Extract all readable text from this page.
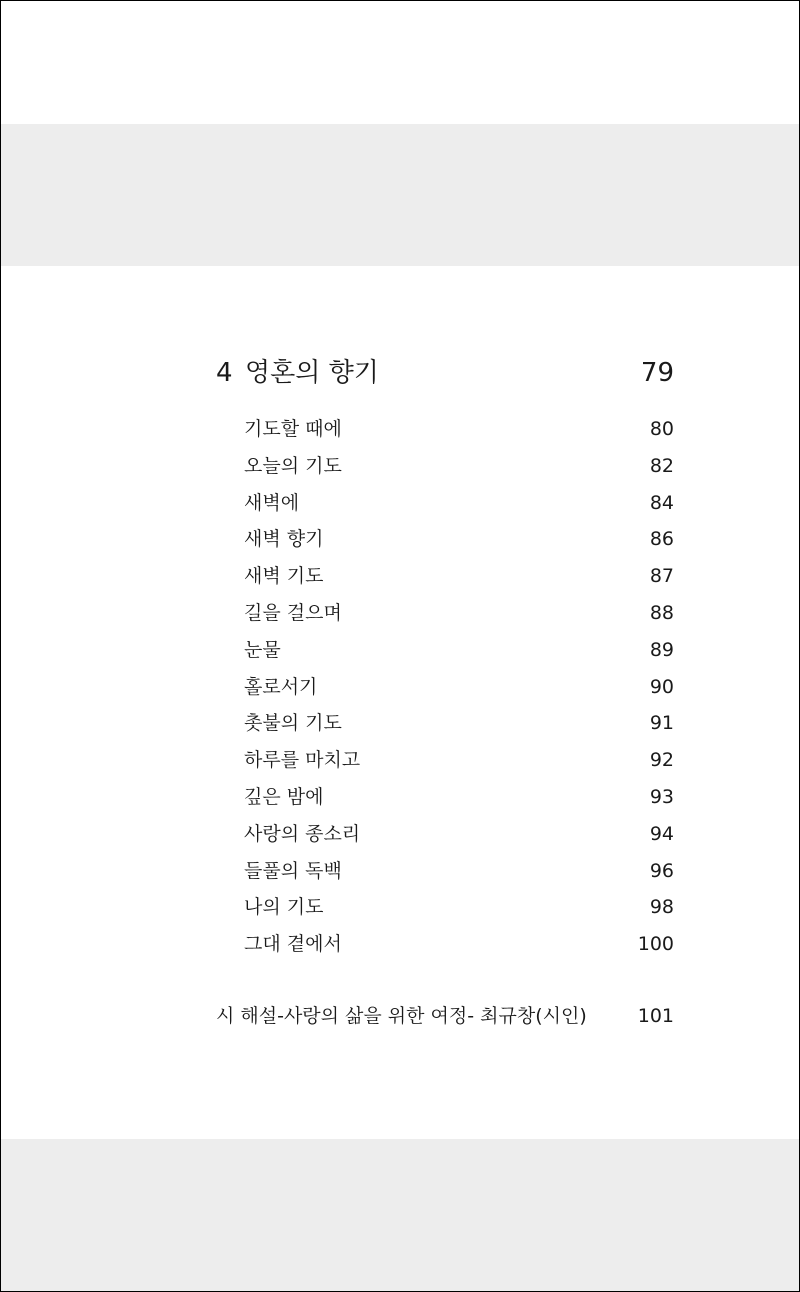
4 영혼의 향기	79
기도할 때에	80
오늘의 기도	82
새벽에	84
새벽 향기	86
새벽 기도	87
길을 걸으며	88
눈물	89
홀로서기	90
촛불의 기도	91
하루를 마치고	92
깊은 밤에	93
사랑의 종소리	94
들풀의 독백	96
나의 기도	98
그대 곁에서	100
시 해설-사랑의 삶을 위한 여정- 최규창(시인)	101
